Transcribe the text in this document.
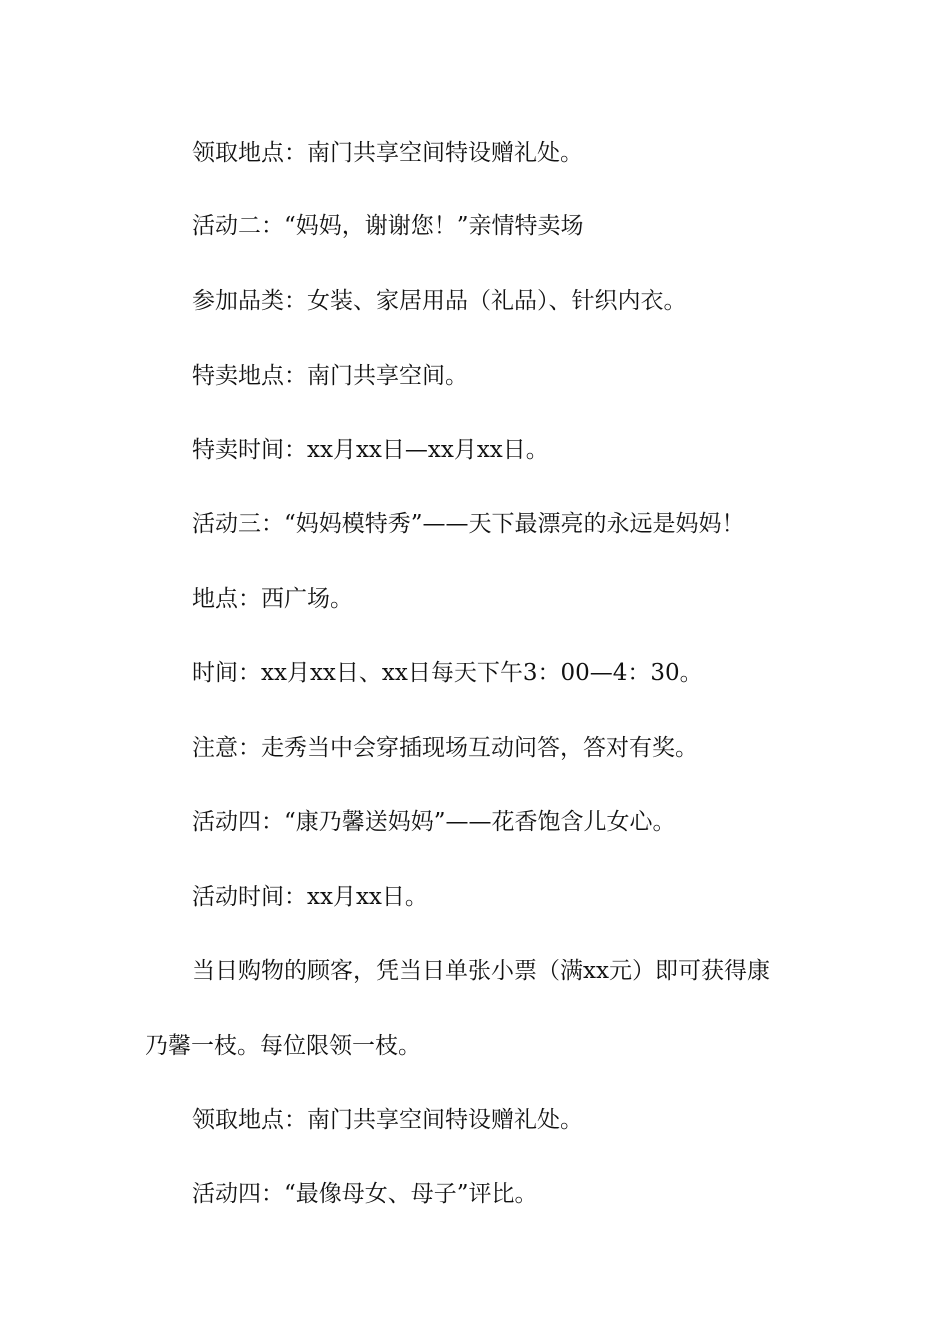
领取地点：南门共享空间特设赠礼处。

活动二：“妈妈，谢谢您！”亲情特卖场

参加品类：女装、家居用品（礼品）、针织内衣。

特卖地点：南门共享空间。

特卖时间：xx月xx日—xx月xx日。

活动三：“妈妈模特秀”——天下最漂亮的永远是妈妈！

地点：西广场。

时间：xx月xx日、xx日每天下午3：00—4：30。

注意：走秀当中会穿插现场互动问答，答对有奖。

活动四：“康乃馨送妈妈”——花香饱含儿女心。

活动时间：xx月xx日。

当日购物的顾客，凭当日单张小票（满xx元）即可获得康

乃馨一枝。每位限领一枝。

领取地点：南门共享空间特设赠礼处。

活动四：“最像母女、母子”评比。
